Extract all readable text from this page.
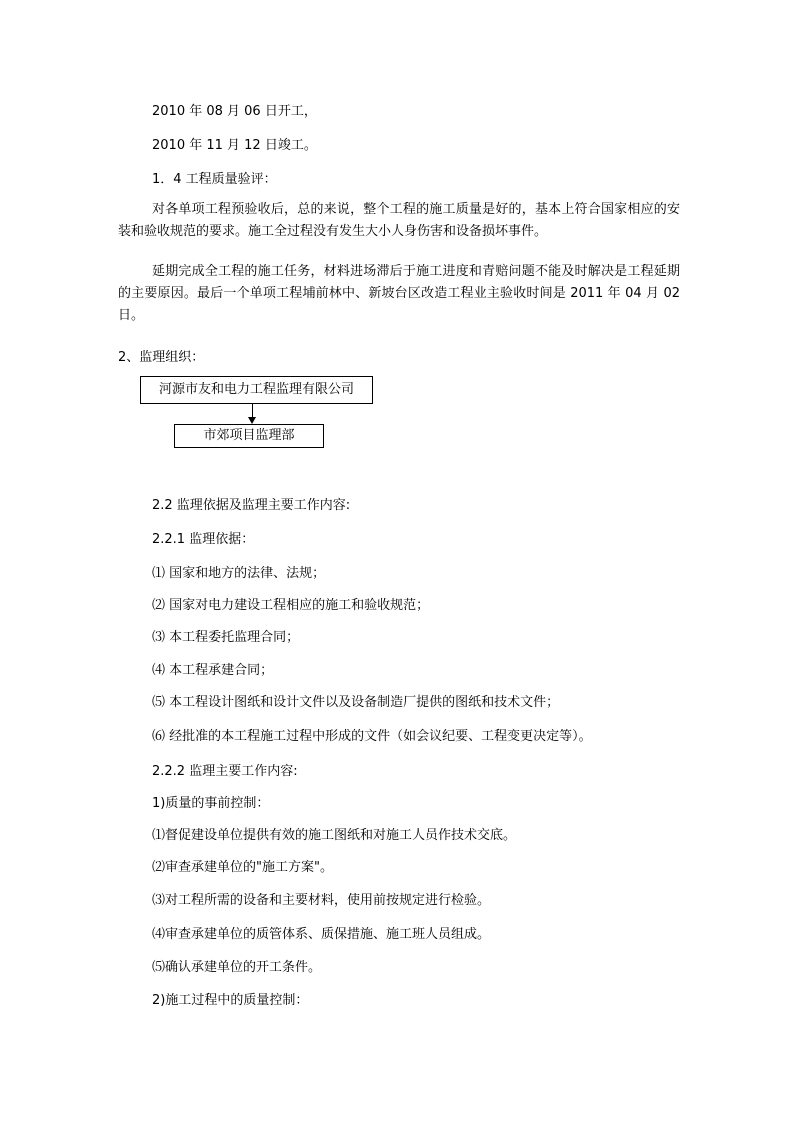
2010 年 08 月 06 日开工，
2010 年 11 月 12 日竣工。
1．4 工程质量验评：
对各单项工程预验收后，总的来说，整个工程的施工质量是好的，基本上符合国家相应的安装和验收规范的要求。施工全过程没有发生大小人身伤害和设备损坏事件。
延期完成全工程的施工任务，材料进场滞后于施工进度和青赔问题不能及时解决是工程延期的主要原因。最后一个单项工程埔前林中、新坡台区改造工程业主验收时间是 2011 年 04 月 02 日。
2、监理组织：
河源市友和电力工程监理有限公司
市郊项目监理部
2.2 监理依据及监理主要工作内容:
2.2.1 监理依据：
⑴ 国家和地方的法律、法规；
⑵ 国家对电力建设工程相应的施工和验收规范；
⑶ 本工程委托监理合同；
⑷ 本工程承建合同；
⑸ 本工程设计图纸和设计文件以及设备制造厂提供的图纸和技术文件；
⑹ 经批准的本工程施工过程中形成的文件（如会议纪要、工程变更决定等）。
2.2.2 监理主要工作内容:
1)质量的事前控制：
⑴督促建设单位提供有效的施工图纸和对施工人员作技术交底。
⑵审查承建单位的"施工方案"。
⑶对工程所需的设备和主要材料，使用前按规定进行检验。
⑷审查承建单位的质管体系、质保措施、施工班人员组成。
⑸确认承建单位的开工条件。
2)施工过程中的质量控制：
